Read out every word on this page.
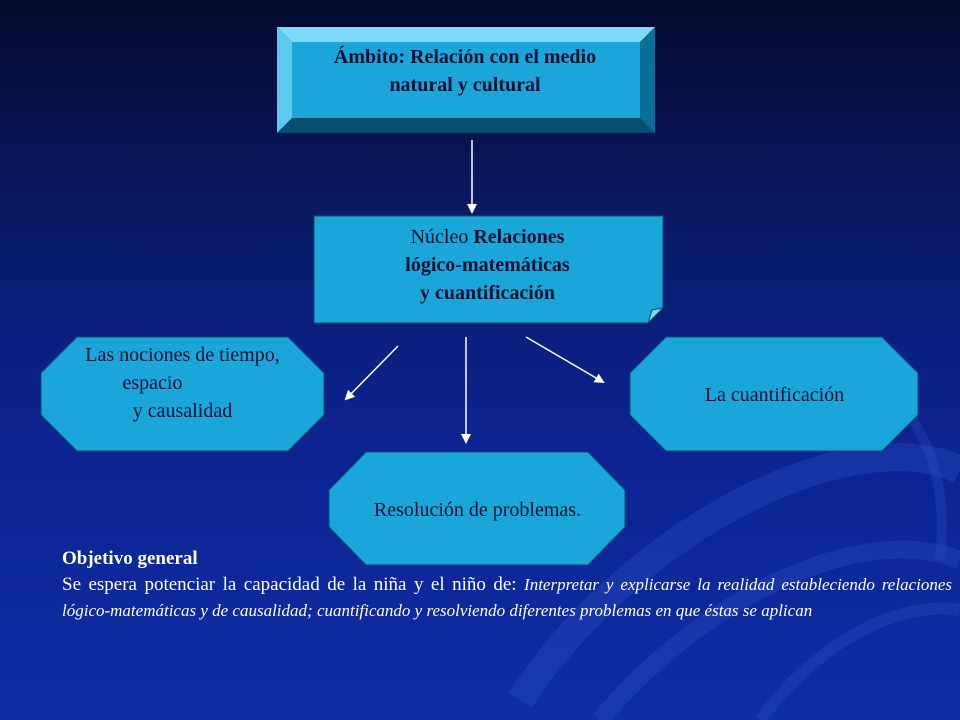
Ámbito: Relación con el medio
natural y cultural
Núcleo Relaciones
lógico-matemáticas
y cuantificación
Las nociones de tiempo,
espacio
y causalidad
La cuantificación
Resolución de problemas.
Objetivo general
Se espera potenciar la capacidad de la niña y el niño de: Interpretar y explicarse la realidad estableciendo relaciones lógico-matemáticas y de causalidad; cuantificando y resolviendo diferentes problemas en que éstas se aplican
